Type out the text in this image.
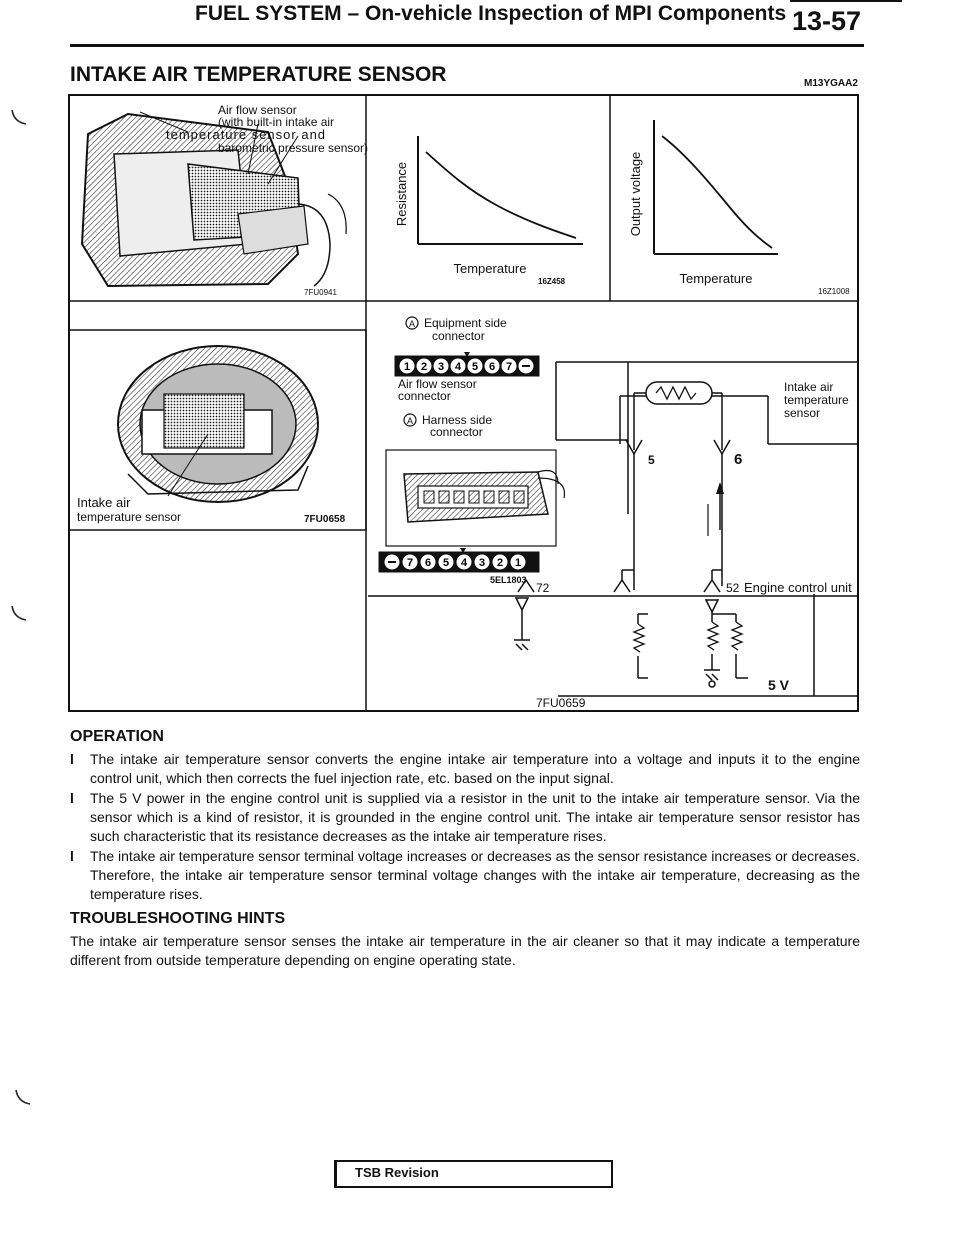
FUEL SYSTEM – On-vehicle Inspection of MPI Components 13-57
INTAKE AIR TEMPERATURE SENSOR	M13YGAA2
Air flow sensor
(with built-in intake air
temperature sensor and
barometric pressure sensor)
7FU0941
Resistance
Temperature
16Z458
Output voltage
Temperature
16Z1008
Intake air
temperature sensor	7FU0658
A Equipment side
connector
1 2 3 4 5 6 7
Air flow sensor
connector
A Harness side
connector
7 6 5 4 3 2 1
5EL1803
Intake air
temperature
sensor
5	6
72	52 Engine control unit
5 V
7FU0659
OPERATION
l The intake air temperature sensor converts the engine intake air temperature into a voltage and inputs it to the engine control unit, which then corrects the fuel injection rate, etc. based on the input signal.
l The 5 V power in the engine control unit is supplied via a resistor in the unit to the intake air temperature sensor. Via the sensor which is a kind of resistor, it is grounded in the engine control unit. The intake air temperature sensor resistor has such characteristic that its resistance decreases as the intake air temperature rises.
l The intake air temperature sensor terminal voltage increases or decreases as the sensor resistance increases or decreases. Therefore, the intake air temperature sensor terminal voltage changes with the intake air temperature, decreasing as the temperature rises.
TROUBLESHOOTING HINTS

The intake air temperature sensor senses the intake air temperature in the air cleaner so that it may indicate a temperature different from outside temperature depending on engine operating state.

TSB Revision
